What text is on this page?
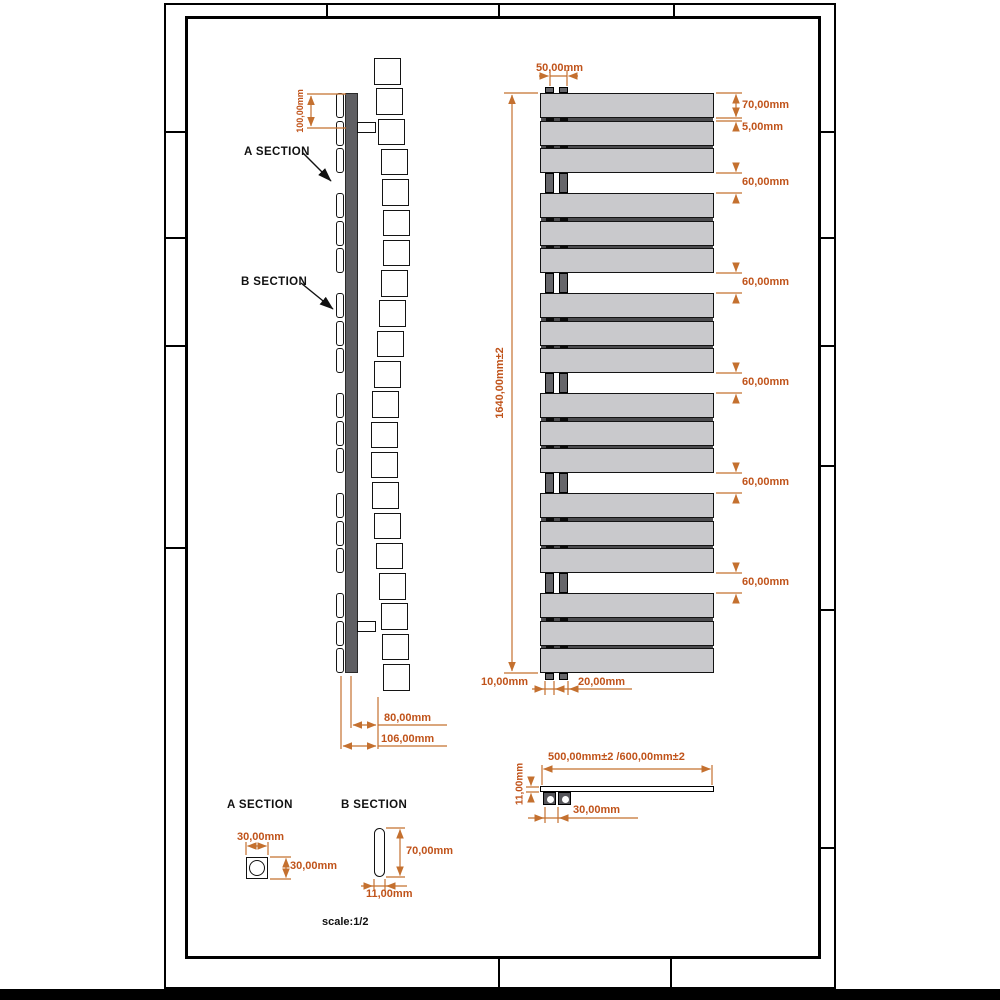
100,00mm
A SECTION
B SECTION
80,00mm
106,00mm
50,00mm
1640,00mm±2
70,00mm
5,00mm
60,00mm
60,00mm
60,00mm
60,00mm
60,00mm
10,00mm	20,00mm
500,00mm±2 /600,00mm±2
11,00mm
30,00mm
A SECTION
30,00mm
30,00mm
B SECTION
70,00mm
11,00mm
scale:1/2
